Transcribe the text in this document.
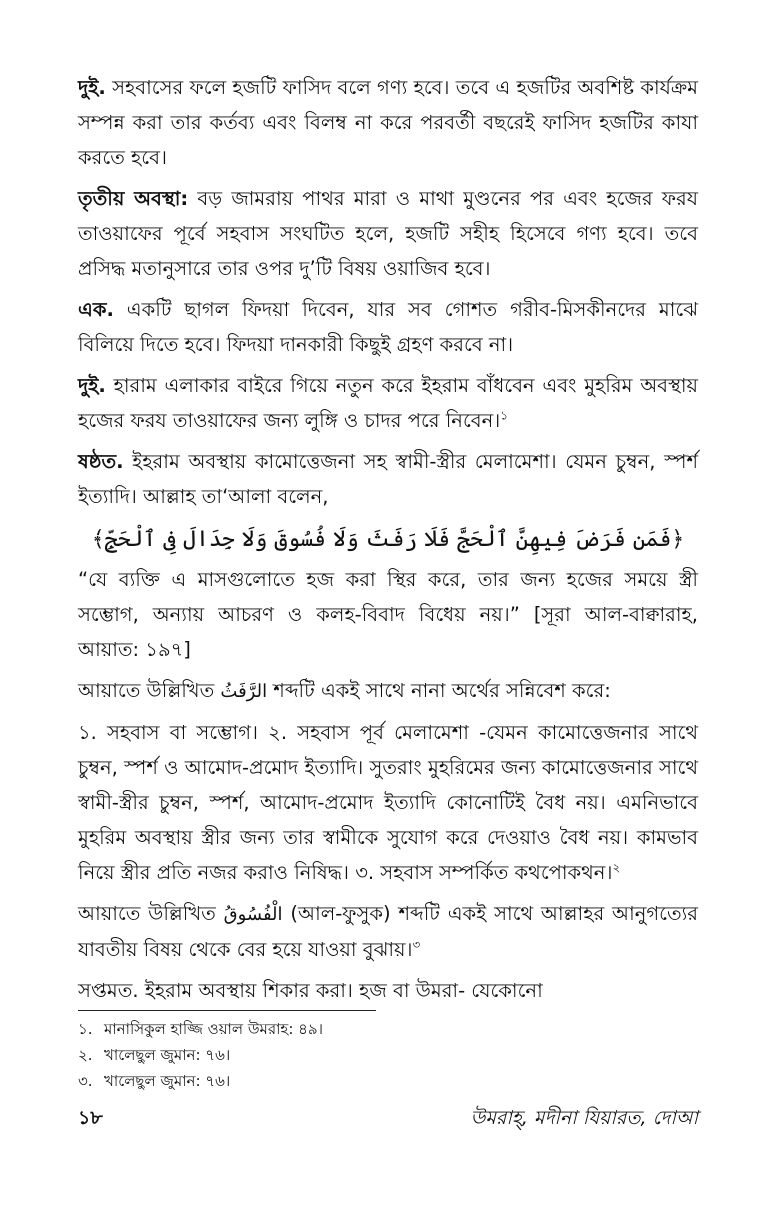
দুই. সহবাসের ফলে হজটি ফাসিদ বলে গণ্য হবে। তবে এ হজটির অবশিষ্ট কার্যক্রম সম্পন্ন করা তার কর্তব্য এবং বিলম্ব না করে পরবর্তী বছরেই ফাসিদ হজটির কাযা করতে হবে।

তৃতীয় অবস্থা: বড় জামরায় পাথর মারা ও মাথা মুণ্ডনের পর এবং হজের ফরয তাওয়াফের পূর্বে সহবাস সংঘটিত হলে, হজটি সহীহ হিসেবে গণ্য হবে। তবে প্রসিদ্ধ মতানুসারে তার ওপর দু’টি বিষয় ওয়াজিব হবে।

এক. একটি ছাগল ফিদয়া দিবেন, যার সব গোশত গরীব-মিসকীনদের মাঝে বিলিয়ে দিতে হবে। ফিদয়া দানকারী কিছুই গ্রহণ করবে না।

দুই. হারাম এলাকার বাইরে গিয়ে নতুন করে ইহরাম বাঁধবেন এবং মুহরিম অবস্থায় হজের ফরয তাওয়াফের জন্য লুঙ্গি ও চাদর পরে নিবেন।$^১$

ষষ্ঠত. ইহরাম অবস্থায় কামোত্তেজনা সহ স্বামী-স্ত্রীর মেলামেশা। যেমন চুম্বন, স্পর্শ ইত্যাদি। আল্লাহ তা‘আলা বলেন,

﴿فَمَن فَرَضَ فِيهِنَّ ٱلْحَجَّ فَلَا رَفَثَ وَلَا فُسُوقَ وَلَا جِدَالَ فِى ٱلْحَجِّ﴾

“যে ব্যক্তি এ মাসগুলোতে হজ করা স্থির করে, তার জন্য হজের সময়ে স্ত্রী সম্ভোগ, অন্যায় আচরণ ও কলহ-বিবাদ বিধেয় নয়।” [সূরা আল-বাক্বারাহ, আয়াত: ১৯৭]

আয়াতে উল্লিখিত الرَّفَثُ শব্দটি একই সাথে নানা অর্থের সন্নিবেশ করে:

১. সহবাস বা সম্ভোগ। ২. সহবাস পূর্ব মেলামেশা -যেমন কামোত্তেজনার সাথে চুম্বন, স্পর্শ ও আমোদ-প্রমোদ ইত্যাদি। সুতরাং মুহরিমের জন্য কামোত্তেজনার সাথে স্বামী-স্ত্রীর চুম্বন, স্পর্শ, আমোদ-প্রমোদ ইত্যাদি কোনোটিই বৈধ নয়। এমনিভাবে মুহরিম অবস্থায় স্ত্রীর জন্য তার স্বামীকে সুযোগ করে দেওয়াও বৈধ নয়। কামভাব নিয়ে স্ত্রীর প্রতি নজর করাও নিষিদ্ধ। ৩. সহবাস সম্পর্কিত কথপোকথন।$^২$

আয়াতে উল্লিখিত الْفُسُوقُ (আল-ফুসুক) শব্দটি একই সাথে আল্লাহর আনুগত্যের যাবতীয় বিষয় থেকে বের হয়ে যাওয়া বুঝায়।$^৩$

সপ্তমত. ইহরাম অবস্থায় শিকার করা। হজ বা উমরা- যেকোনো

১. মানাসিকুল হাজ্জি ওয়াল উমরাহ: ৪৯।
২. খালেছুল জুমান: ৭৬।
৩. খালেছুল জুমান: ৭৬।
১৮	উমরাহ্, মদীনা যিয়ারত, দোআ
